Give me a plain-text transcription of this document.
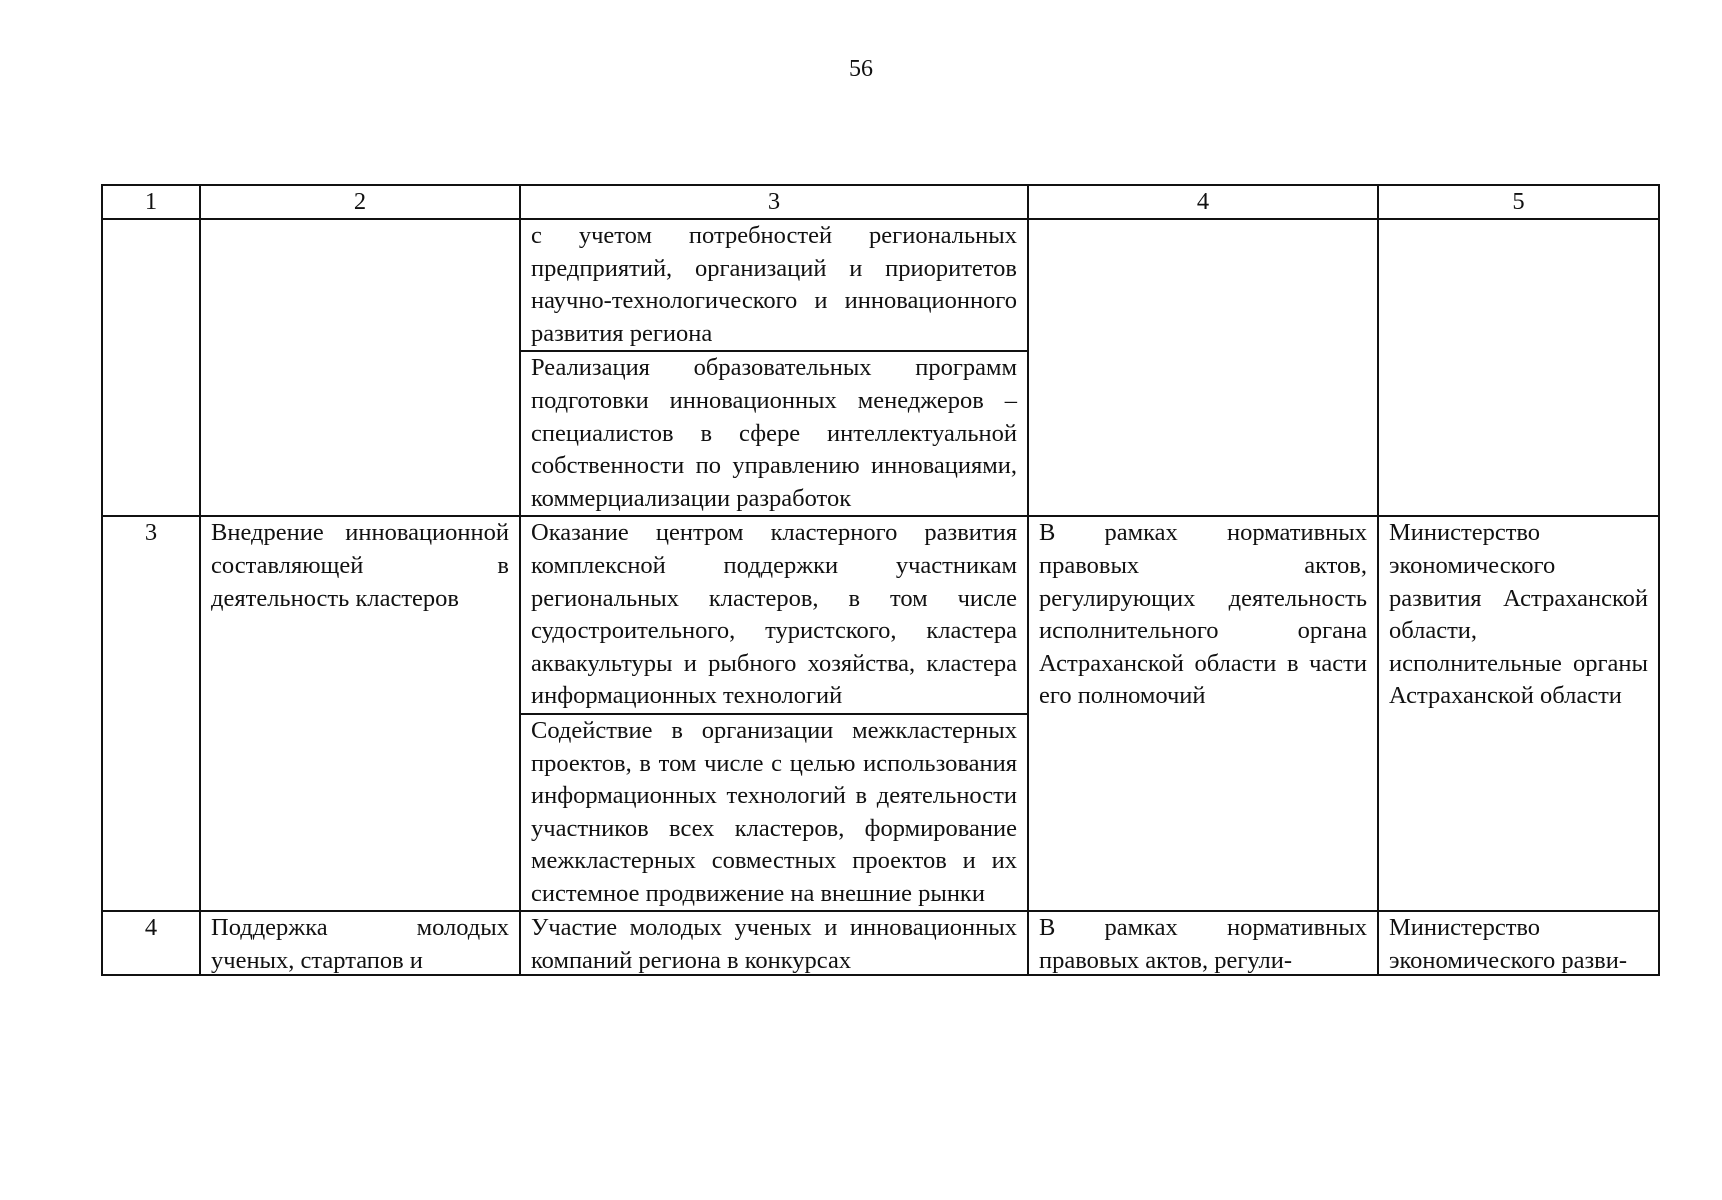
56
1	2	3	4	5
		с учетом потребностей региональных предприятий, организаций и приоритетов научно-технологического и инновационного развития региона		
		Реализация образовательных программ подготовки инновационных менеджеров – специалистов в сфере интеллектуальной собственности по управлению инновациями, коммерциализации разработок		
3	Внедрение инновационной составляющей в деятельность кластеров	Оказание центром кластерного развития комплексной поддержки участникам региональных кластеров, в том числе судостроительного, туристского, кластера аквакультуры и рыбного хозяйства, кластера информационных технологий	В рамках нормативных правовых актов, регулирующих деятельность исполнительного органа Астраханской области в части его полномочий	Министерство экономического развития Астраханской области, исполнительные органы Астраханской области
		Содействие в организации межкластерных проектов, в том числе с целью использования информационных технологий в деятельности участников всех кластеров, формирование межкластерных совместных проектов и их системное продвижение на внешние рынки		

4	Поддержка молодых ученых, стартапов и	Участие молодых ученых и инновационных компаний региона в конкурсах	В рамках нормативных правовых актов, регули-	Министерство экономического разви-
